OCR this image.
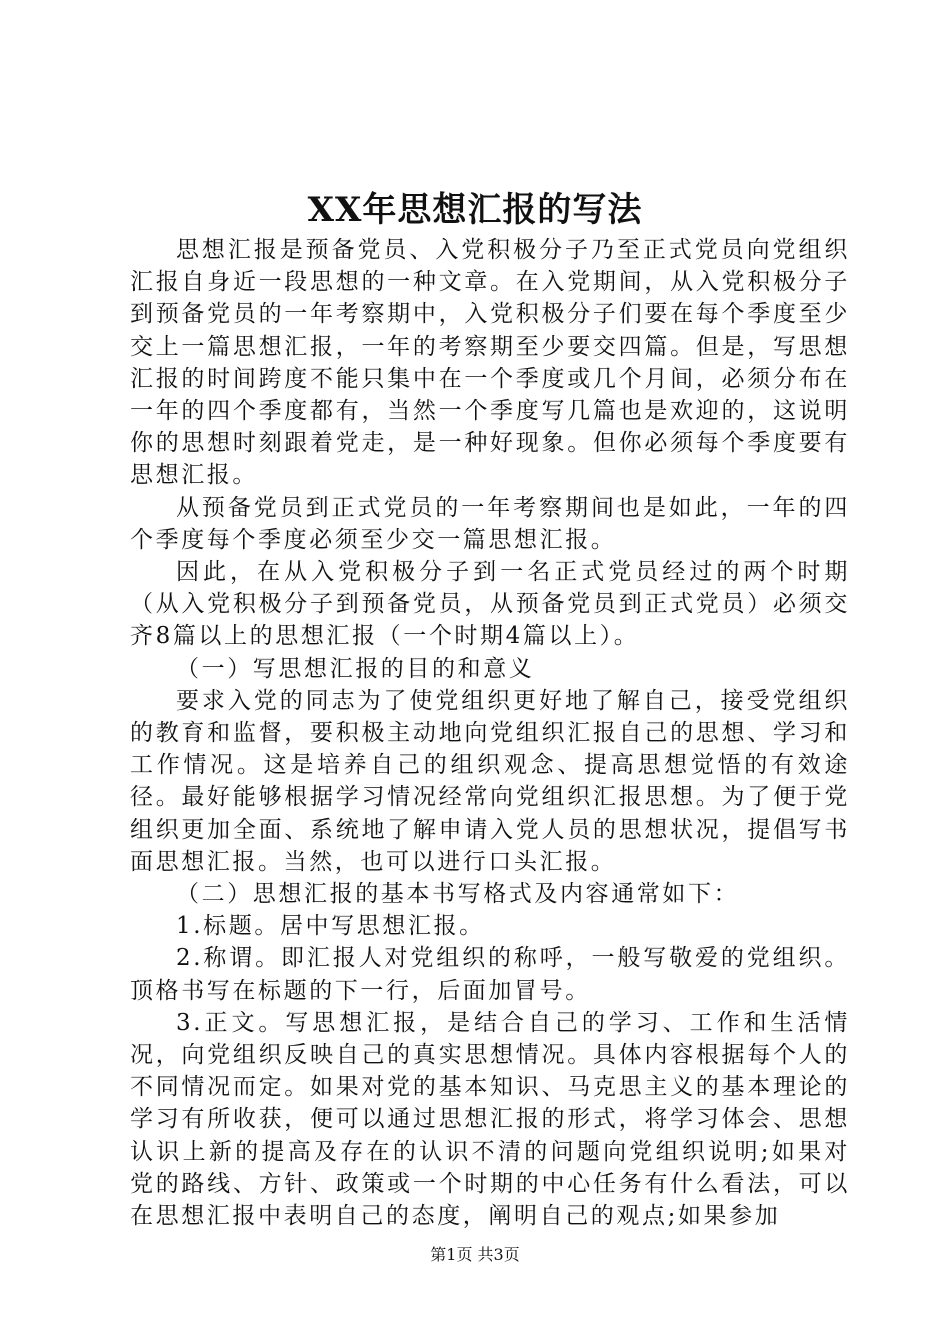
XX年思想汇报的写法

思想汇报是预备党员、入党积极分子乃至正式党员向党组织汇报自身近一段思想的一种文章。在入党期间，从入党积极分子到预备党员的一年考察期中，入党积极分子们要在每个季度至少交上一篇思想汇报，一年的考察期至少要交四篇。但是，写思想汇报的时间跨度不能只集中在一个季度或几个月间，必须分布在一年的四个季度都有，当然一个季度写几篇也是欢迎的，这说明你的思想时刻跟着党走，是一种好现象。但你必须每个季度要有思想汇报。

从预备党员到正式党员的一年考察期间也是如此，一年的四个季度每个季度必须至少交一篇思想汇报。

因此，在从入党积极分子到一名正式党员经过的两个时期（从入党积极分子到预备党员，从预备党员到正式党员）必须交齐8篇以上的思想汇报（一个时期4篇以上）。

（一）写思想汇报的目的和意义

要求入党的同志为了使党组织更好地了解自己，接受党组织的教育和监督，要积极主动地向党组织汇报自己的思想、学习和工作情况。这是培养自己的组织观念、提高思想觉悟的有效途径。最好能够根据学习情况经常向党组织汇报思想。为了便于党组织更加全面、系统地了解申请入党人员的思想状况，提倡写书面思想汇报。当然，也可以进行口头汇报。

（二）思想汇报的基本书写格式及内容通常如下：

1.标题。居中写思想汇报。

2.称谓。即汇报人对党组织的称呼，一般写敬爱的党组织。顶格书写在标题的下一行，后面加冒号。

3.正文。写思想汇报，是结合自己的学习、工作和生活情况，向党组织反映自己的真实思想情况。具体内容根据每个人的不同情况而定。如果对党的基本知识、马克思主义的基本理论的学习有所收获，便可以通过思想汇报的形式，将学习体会、思想认识上新的提高及存在的认识不清的问题向党组织说明;如果对党的路线、方针、政策或一个时期的中心任务有什么看法，可以在思想汇报中表明自己的态度，阐明自己的观点;如果参加

第1页 共3页
